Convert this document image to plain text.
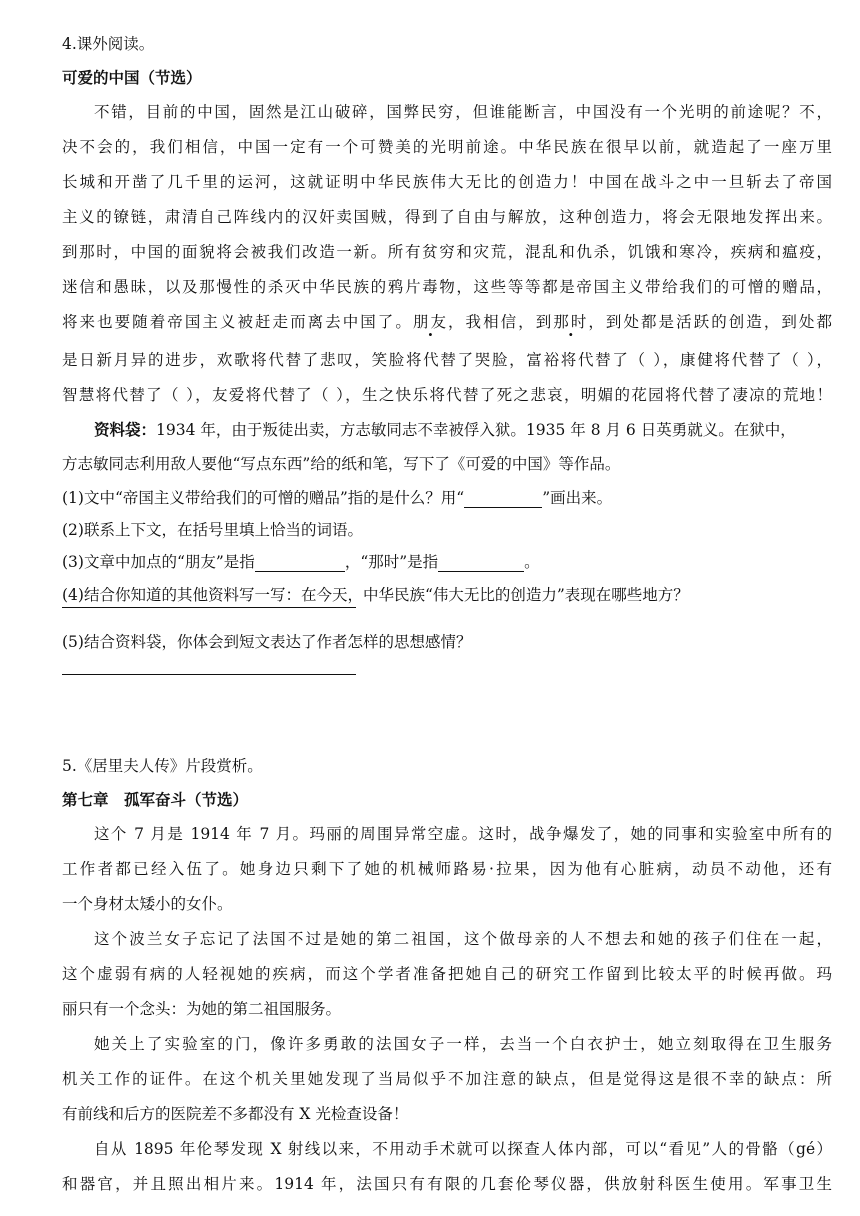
4.课外阅读。
可爱的中国（节选）
不错，目前的中国，固然是江山破碎，国弊民穷，但谁能断言，中国没有一个光明的前途呢？不，
决不会的，我们相信，中国一定有一个可赞美的光明前途。中华民族在很早以前，就造起了一座万里
长城和开凿了几千里的运河，这就证明中华民族伟大无比的创造力！中国在战斗之中一旦斩去了帝国
主义的镣链，肃清自己阵线内的汉奸卖国贼，得到了自由与解放，这种创造力，将会无限地发挥出来。
到那时，中国的面貌将会被我们改造一新。所有贫穷和灾荒，混乱和仇杀，饥饿和寒冷，疾病和瘟疫，
迷信和愚昧，以及那慢性的杀灭中华民族的鸦片毒物，这些等等都是帝国主义带给我们的可憎的赠品，
将来也要随着帝国主义被赶走而离去中国了。朋友，我相信，到那时，到处都是活跃的创造，到处都
是日新月异的进步，欢歌将代替了悲叹，笑脸将代替了哭脸，富裕将代替了（ ），康健将代替了（ ），
智慧将代替了（ ），友爱将代替了（ ），生之快乐将代替了死之悲哀，明媚的花园将代替了凄凉的荒地！
资料袋：1934 年，由于叛徒出卖，方志敏同志不幸被俘入狱。1935 年 8 月 6 日英勇就义。在狱中，
方志敏同志利用敌人要他“写点东西”给的纸和笔，写下了《可爱的中国》等作品。
(1)文中“帝国主义带给我们的可憎的赠品”指的是什么？用“	”画出来。
(2)联系上下文，在括号里填上恰当的词语。
(3)文章中加点的“朋友”是指	，“那时”是指	。
(4)结合你知道的其他资料写一写：在今天，中华民族“伟大无比的创造力”表现在哪些地方？
(5)结合资料袋，你体会到短文表达了作者怎样的思想感情？
5.《居里夫人传》片段赏析。
第七章　孤军奋斗（节选）
这个 7 月是 1914 年 7 月。玛丽的周围异常空虚。这时，战争爆发了，她的同事和实验室中所有的
工作者都已经入伍了。她身边只剩下了她的机械师路易·拉果，因为他有心脏病，动员不动他，还有
一个身材太矮小的女仆。
这个波兰女子忘记了法国不过是她的第二祖国，这个做母亲的人不想去和她的孩子们住在一起，
这个虚弱有病的人轻视她的疾病，而这个学者准备把她自己的研究工作留到比较太平的时候再做。玛
丽只有一个念头：为她的第二祖国服务。
她关上了实验室的门，像许多勇敢的法国女子一样，去当一个白衣护士，她立刻取得在卫生服务
机关工作的证件。在这个机关里她发现了当局似乎不加注意的缺点，但是觉得这是很不幸的缺点：所
有前线和后方的医院差不多都没有 X 光检查设备！
自从 1895 年伦琴发现 X 射线以来，不用动手术就可以探查人体内部，可以“看见”人的骨骼（gé）
和器官，并且照出相片来。1914 年，法国只有有限的几套伦琴仪器，供放射科医生使用。军事卫生
